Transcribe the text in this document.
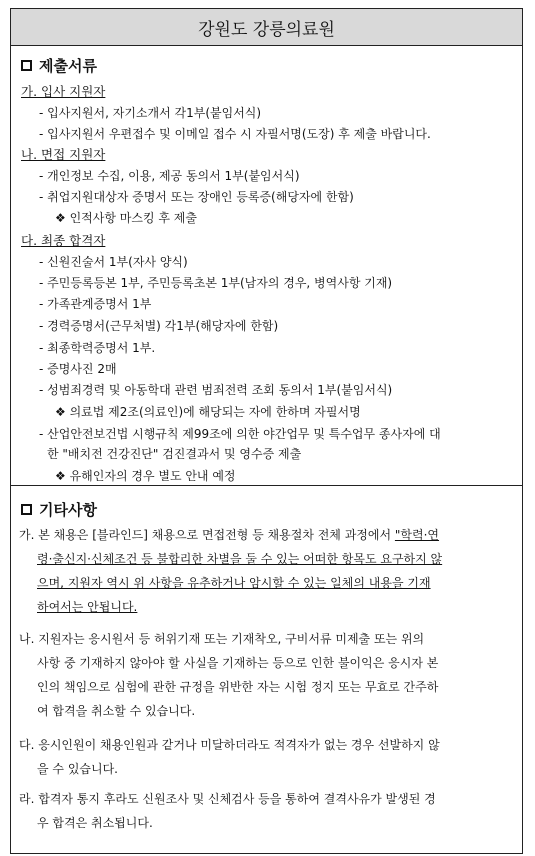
강원도 강릉의료원
제출서류
가. 입사 지원자
- 입사지원서, 자기소개서 각1부(붙임서식)
- 입사지원서 우편접수 및 이메일 접수 시 자필서명(도장) 후 제출 바랍니다.
나. 면접 지원자
- 개인정보 수집, 이용, 제공 동의서 1부(붙임서식)
- 취업지원대상자 증명서 또는 장애인 등록증(해당자에 한함)
❖ 인적사항 마스킹 후 제출
다. 최종 합격자
- 신원진술서 1부(자사 양식)
- 주민등록등본 1부, 주민등록초본 1부(남자의 경우, 병역사항 기재)
- 가족관계증명서 1부
- 경력증명서(근무처별) 각1부(해당자에 한함)
- 최종학력증명서 1부.
- 증명사진 2매
- 성범죄경력 및 아동학대 관련 범죄전력 조회 동의서 1부(붙임서식)
❖ 의료법 제2조(의료인)에 해당되는 자에 한하며 자필서명
- 산업안전보건법 시행규칙 제99조에 의한 야간업무 및 특수업무 종사자에 대
한 "배치전 건강진단" 검진결과서 및 영수증 제출
❖ 유해인자의 경우 별도 안내 예정
기타사항
가. 본 채용은 [블라인드] 채용으로 면접전형 등 채용절차 전체 과정에서 "학력·연
령·출신지·신체조건 등 불합리한 차별을 둘 수 있는 어떠한 항목도 요구하지 않
으며, 지원자 역시 위 사항을 유추하거나 암시할 수 있는 일체의 내용을 기재
하여서는 안됩니다.
나. 지원자는 응시원서 등 허위기재 또는 기재착오, 구비서류 미제출 또는 위의
사항 중 기재하지 않아야 할 사실을 기재하는 등으로 인한 불이익은 응시자 본
인의 책임으로 심험에 관한 규정을 위반한 자는 시험 정지 또는 무효로 간주하
여 합격을 취소할 수 있습니다.
다. 응시인원이 채용인원과 같거나 미달하더라도 적격자가 없는 경우 선발하지 않
을 수 있습니다.
라. 합격자 통지 후라도 신원조사 및 신체검사 등을 통하여 결격사유가 발생된 경
우 합격은 취소됩니다.
